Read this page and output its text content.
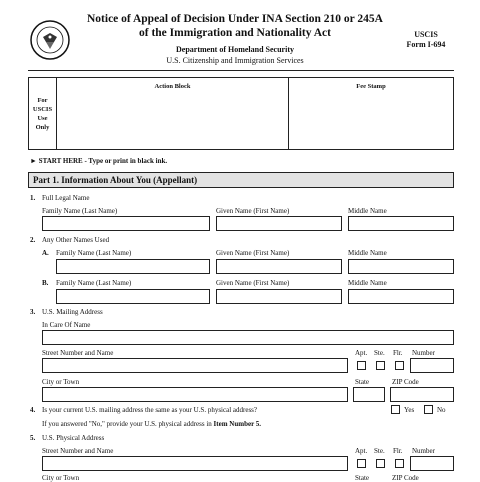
Notice of Appeal of Decision Under INA Section 210 or 245A
of the Immigration and Nationality Act
Department of Homeland Security
U.S. Citizenship and Immigration Services
USCIS
Form I-694
For
USCIS
Use
Only
Action Block	Fee Stamp
► START HERE - Type or print in black ink.
Part 1. Information About You (Appellant)
1. Full Legal Name
Family Name (Last Name)	Given Name (First Name)	Middle Name
2. Any Other Names Used
A. Family Name (Last Name)	Given Name (First Name)	Middle Name
B. Family Name (Last Name)	Given Name (First Name)	Middle Name
3. U.S. Mailing Address
In Care Of Name
Street Number and Name	Apt. Ste. Flr. Number
City or Town	State	ZIP Code
4. Is your current U.S. mailing address the same as your U.S. physical address?	Yes	No
If you answered "No," provide your U.S. physical address in Item Number 5.
5. U.S. Physical Address
Street Number and Name	Apt. Ste. Flr. Number
City or Town	State	ZIP Code
